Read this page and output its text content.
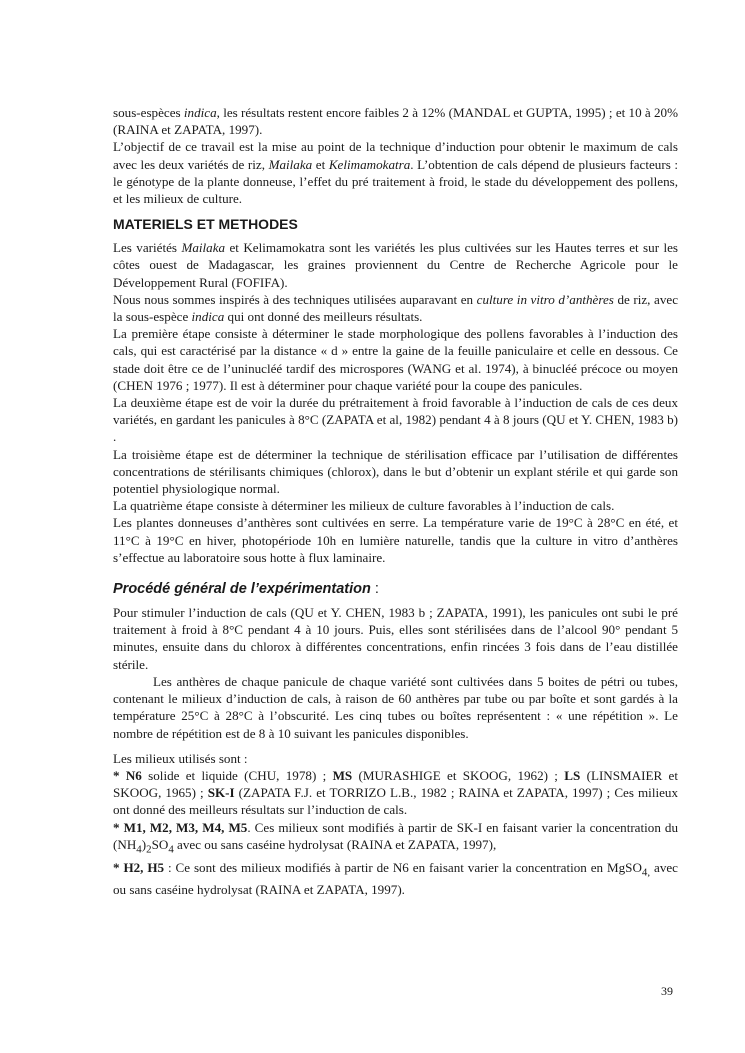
sous-espèces indica, les résultats restent encore faibles 2 à 12% (MANDAL et GUPTA, 1995) ; et 10 à 20% (RAINA et ZAPATA, 1997).

L’objectif de ce travail est la mise au point de la technique d’induction pour obtenir le maximum de cals avec les deux variétés de riz, Mailaka et Kelimamokatra. L’obtention de cals dépend de plusieurs facteurs : le génotype de la plante donneuse, l’effet du pré traitement à froid, le stade du développement des pollens, et les milieux de culture.

MATERIELS ET METHODES

Les variétés Mailaka et Kelimamokatra sont les variétés les plus cultivées sur les Hautes terres et sur les côtes ouest de Madagascar, les graines proviennent du Centre de Recherche Agricole pour le Développement Rural (FOFIFA).

Nous nous sommes inspirés à des techniques utilisées auparavant en culture in vitro d’anthères de riz, avec la sous-espèce indica qui ont donné des meilleurs résultats.

La première étape consiste à déterminer le stade morphologique des pollens favorables à l’induction des cals, qui est caractérisé par la distance « d » entre la gaine de la feuille paniculaire et celle en dessous. Ce stade doit être ce de l’uninucléé tardif des microspores (WANG et al. 1974), à binucléé précoce ou moyen (CHEN 1976 ; 1977). Il est à déterminer pour chaque variété pour la coupe des panicules.

La deuxième étape est de voir la durée du prétraitement à froid favorable à l’induction de cals de ces deux variétés, en gardant les panicules à 8°C (ZAPATA et al, 1982) pendant 4 à 8 jours (QU et Y. CHEN, 1983 b) .

La troisième étape est de déterminer la technique de stérilisation efficace par l’utilisation de différentes concentrations de stérilisants chimiques (chlorox), dans le but d’obtenir un explant stérile et qui garde son potentiel physiologique normal.

La quatrième étape consiste à déterminer les milieux de culture favorables à l’induction de cals.

Les plantes donneuses d’anthères sont cultivées en serre. La température varie de 19°C à 28°C en été, et 11°C à 19°C en hiver, photopériode 10h en lumière naturelle, tandis que la culture in vitro d’anthères s’effectue au laboratoire sous hotte à flux laminaire.

Procédé général de l’expérimentation :

Pour stimuler l’induction de cals (QU et Y. CHEN, 1983 b ; ZAPATA, 1991), les panicules ont subi le pré traitement à froid à 8°C pendant 4 à 10 jours. Puis, elles sont stérilisées dans de l’alcool 90° pendant 5 minutes, ensuite dans du chlorox à différentes concentrations, enfin rincées 3 fois dans de l’eau distillée stérile.

Les anthères de chaque panicule de chaque variété sont cultivées dans 5 boites de pétri ou tubes, contenant le milieux d’induction de cals, à raison de 60 anthères par tube ou par boîte et sont gardés à la température 25°C à 28°C à l’obscurité. Les cinq tubes ou boîtes représentent : « une répétition ». Le nombre de répétition est de 8 à 10 suivant les panicules disponibles.

Les milieux utilisés sont :

* N6 solide et liquide (CHU, 1978) ; MS (MURASHIGE et SKOOG, 1962) ; LS (LINSMAIER et SKOOG, 1965) ; SK-I (ZAPATA F.J. et TORRIZO L.B., 1982 ; RAINA et ZAPATA, 1997) ; Ces milieux ont donné des meilleurs résultats sur l’induction de cals.

* M1, M2, M3, M4, M5. Ces milieux sont modifiés à partir de SK-I en faisant varier la concentration du $(NH_4)_2SO_4$ avec ou sans caséine hydrolysat (RAINA et ZAPATA, 1997),

* H2, H5 : Ce sont des milieux modifiés à partir de N6 en faisant varier la concentration en MgSO$_{4,}$ avec ou sans caséine hydrolysat (RAINA et ZAPATA, 1997).

39
